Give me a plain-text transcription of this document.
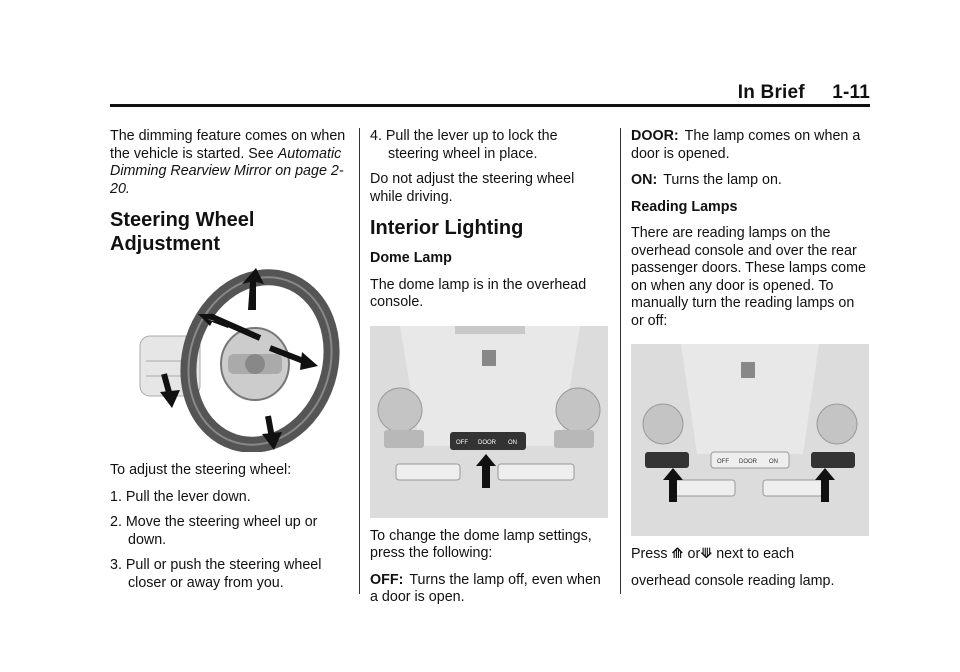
In Brief     1-11

The dimming feature comes on when the vehicle is started. See Automatic Dimming Rearview Mirror on page 2-20.

Steering Wheel Adjustment

To adjust the steering wheel:

1. Pull the lever down.

2. Move the steering wheel up or down.

3. Pull or push the steering wheel closer or away from you.

4. Pull the lever up to lock the steering wheel in place.

Do not adjust the steering wheel while driving.

Interior Lighting
Dome Lamp

The dome lamp is in the overhead console.

OFF DOOR ON

To change the dome lamp settings, press the following:

OFF: Turns the lamp off, even when a door is open.

DOOR: The lamp comes on when a door is opened.

ON: Turns the lamp on.

Reading Lamps

There are reading lamps on the overhead console and over the rear passenger doors. These lamps come on when any door is opened. To manually turn the reading lamps on or off:

OFF DOOR ON

Press ⟰ or⟱ next to each

overhead console reading lamp.
